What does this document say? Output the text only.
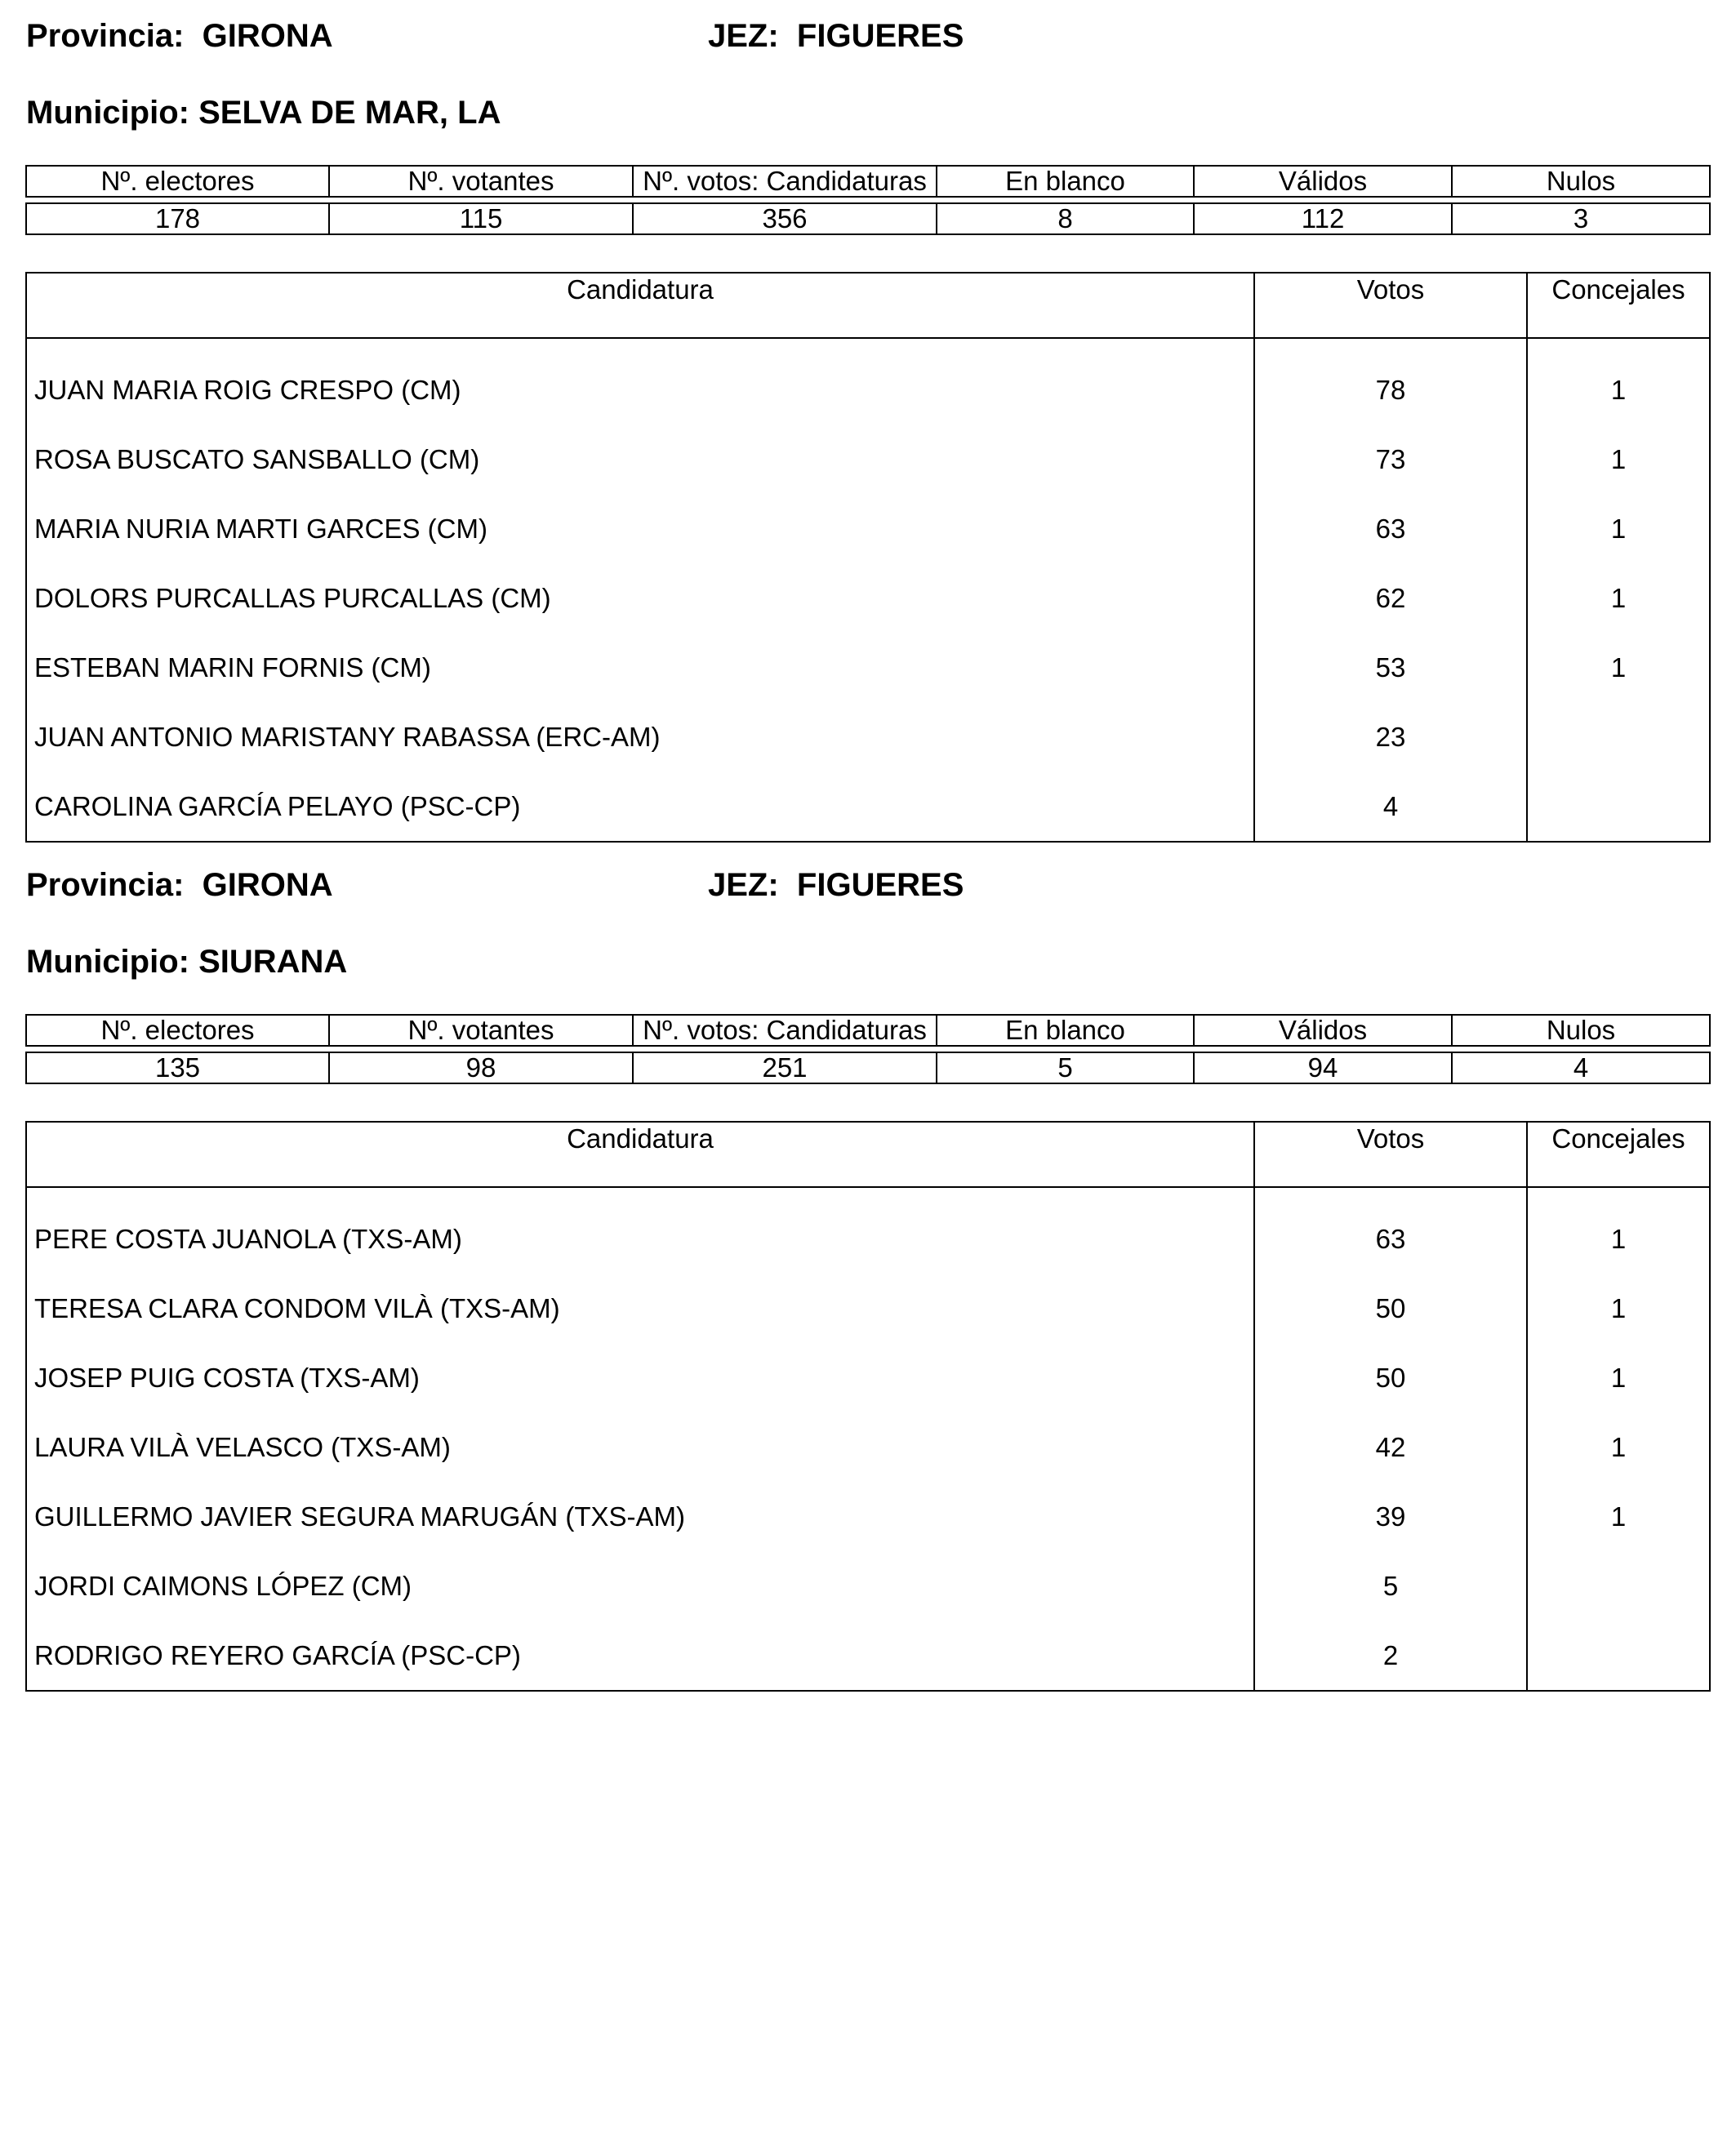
Provincia: GIRONA	JEZ: FIGUERES
Municipio: SELVA DE MAR, LA
Nº. electores	Nº. votantes	Nº. votos: Candidaturas	En blanco	Válidos	Nulos

178	115	356	8	112	3
Candidatura	Votos	Concejales

JUAN MARIA ROIG CRESPO (CM)	78	1
ROSA BUSCATO SANSBALLO (CM)	73	1
MARIA NURIA MARTI GARCES (CM)	63	1
DOLORS PURCALLAS PURCALLAS (CM)	62	1
ESTEBAN MARIN FORNIS (CM)	53	1
JUAN ANTONIO MARISTANY RABASSA (ERC-AM)	23	
CAROLINA GARCÍA PELAYO (PSC-CP)	4	
Provincia: GIRONA	JEZ: FIGUERES
Municipio: SIURANA
Nº. electores	Nº. votantes	Nº. votos: Candidaturas	En blanco	Válidos	Nulos

135	98	251	5	94	4
Candidatura	Votos	Concejales

PERE COSTA JUANOLA (TXS-AM)	63	1
TERESA CLARA CONDOM VILÀ (TXS-AM)	50	1
JOSEP PUIG COSTA (TXS-AM)	50	1
LAURA VILÀ VELASCO (TXS-AM)	42	1
GUILLERMO JAVIER SEGURA MARUGÁN (TXS-AM)	39	1
JORDI CAIMONS LÓPEZ (CM)	5	
RODRIGO REYERO GARCÍA (PSC-CP)	2	
